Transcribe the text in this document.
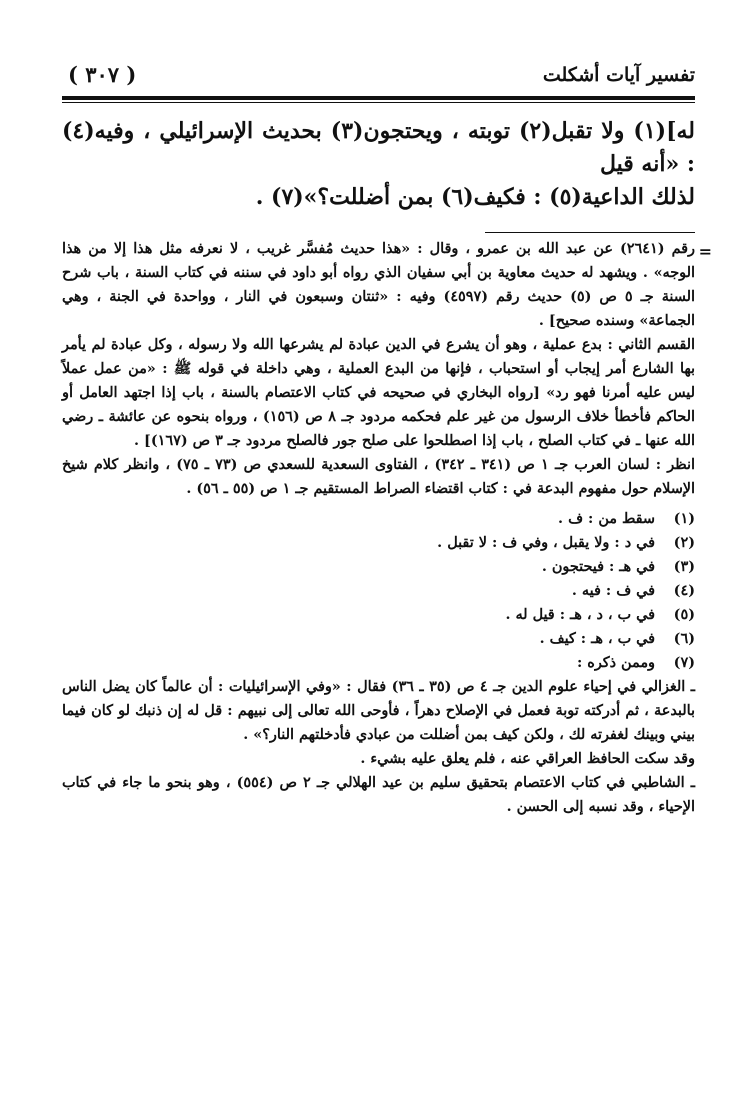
تفسير آيات أشكلت
( ٣٠٧ )

له](١) ولا تقبل(٢) توبته ، ويحتجون(٣) بحديث الإسرائيلي ، وفيه(٤) : «أنه قيل

لذلك الداعية(٥) : فكيف(٦) بمن أضللت؟»(٧) .

=

رقم (٢٦٤١) عن عبد الله بن عمرو ، وقال : «هذا حديث مُفسَّر غريب ، لا نعرفه مثل هذا إلا من هذا الوجه» . ويشهد له حديث معاوية بن أبي سفيان الذي رواه أبو داود في سننه في كتاب السنة ، باب شرح السنة جـ ٥ ص (٥) حديث رقم (٤٥٩٧) وفيه : «ثنتان وسبعون في النار ، وواحدة في الجنة ، وهي الجماعة» وسنده صحيح] .

القسم الثاني : بدع عملية ، وهو أن يشرع في الدين عبادة لم يشرعها الله ولا رسوله ، وكل عبادة لم يأمر بها الشارع أمر إيجاب أو استحباب ، فإنها من البدع العملية ، وهي داخلة في قوله ﷺ : «من عمل عملاً ليس عليه أمرنا فهو رد» [رواه البخاري في صحيحه في كتاب الاعتصام بالسنة ، باب إذا اجتهد العامل أو الحاكم فأخطأ خلاف الرسول من غير علم فحكمه مردود جـ ٨ ص (١٥٦) ، ورواه بنحوه عن عائشة ـ رضي الله عنها ـ في كتاب الصلح ، باب إذا اصطلحوا على صلح جور فالصلح مردود جـ ٣ ص (١٦٧)] .

انظر : لسان العرب جـ ١ ص (٣٤١ ـ ٣٤٢) ، الفتاوى السعدية للسعدي ص (٧٣ ـ ٧٥) ، وانظر كلام شيخ الإسلام حول مفهوم البدعة في : كتاب اقتضاء الصراط المستقيم جـ ١ ص (٥٥ ـ ٥٦) .

(١)
سقط من : ف .
(٢)
في د : ولا يقبل ، وفي ف : لا تقبل .
(٣)
في هـ : فيحتجون .
(٤)
في ف : فيه .
(٥)
في ب ، د ، هـ : قيل له .
(٦)
في ب ، هـ : كيف .
(٧)
وممن ذكره :

ـ الغزالي في إحياء علوم الدين جـ ٤ ص (٣٥ ـ ٣٦) فقال : «وفي الإسرائيليات : أن عالماً كان يضل الناس بالبدعة ، ثم أدركته توبة فعمل في الإصلاح دهراً ، فأوحى الله تعالى إلى نبيهم : قل له إن ذنبك لو كان فيما بيني وبينك لغفرته لك ، ولكن كيف بمن أضللت من عبادي فأدخلتهم النار؟» .

وقد سكت الحافظ العراقي عنه ، فلم يعلق عليه بشيء .

ـ الشاطبي في كتاب الاعتصام بتحقيق سليم بن عيد الهلالي جـ ٢ ص (٥٥٤) ، وهو بنحو ما جاء في كتاب الإحياء ، وقد نسبه إلى الحسن .
